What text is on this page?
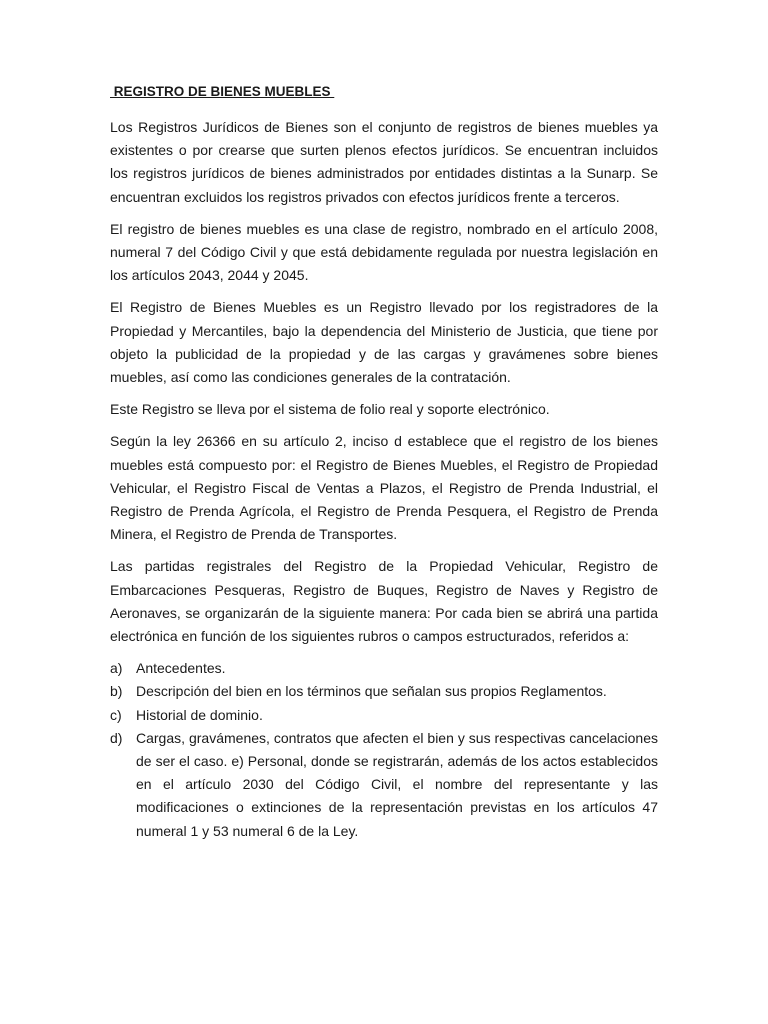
REGISTRO DE BIENES MUEBLES

Los Registros Jurídicos de Bienes son el conjunto de registros de bienes muebles ya existentes o por crearse que surten plenos efectos jurídicos. Se encuentran incluidos los registros jurídicos de bienes administrados por entidades distintas a la Sunarp. Se encuentran excluidos los registros privados con efectos jurídicos frente a terceros.

El registro de bienes muebles es una clase de registro, nombrado en el artículo 2008, numeral 7 del Código Civil y que está debidamente regulada por nuestra legislación en los artículos 2043, 2044 y 2045.

El Registro de Bienes Muebles es un Registro llevado por los registradores de la Propiedad y Mercantiles, bajo la dependencia del Ministerio de Justicia, que tiene por objeto la publicidad de la propiedad y de las cargas y gravámenes sobre bienes muebles, así como las condiciones generales de la contratación.

Este Registro se lleva por el sistema de folio real y soporte electrónico.

Según la ley 26366 en su artículo 2, inciso d establece que el registro de los bienes muebles está compuesto por: el Registro de Bienes Muebles, el Registro de Propiedad Vehicular, el Registro Fiscal de Ventas a Plazos, el Registro de Prenda Industrial, el Registro de Prenda Agrícola, el Registro de Prenda Pesquera, el Registro de Prenda Minera, el Registro de Prenda de Transportes.

Las partidas registrales del Registro de la Propiedad Vehicular, Registro de Embarcaciones Pesqueras, Registro de Buques, Registro de Naves y Registro de Aeronaves, se organizarán de la siguiente manera: Por cada bien se abrirá una partida electrónica en función de los siguientes rubros o campos estructurados, referidos a:

a) Antecedentes.
b) Descripción del bien en los términos que señalan sus propios Reglamentos.
c)	Historial de dominio.
d) Cargas, gravámenes, contratos que afecten el bien y sus respectivas cancelaciones de ser el caso. e) Personal, donde se registrarán, además de los actos establecidos en el artículo 2030 del Código Civil, el nombre del representante y las modificaciones o extinciones de la representación previstas en los artículos 47 numeral 1 y 53 numeral 6 de la Ley.
